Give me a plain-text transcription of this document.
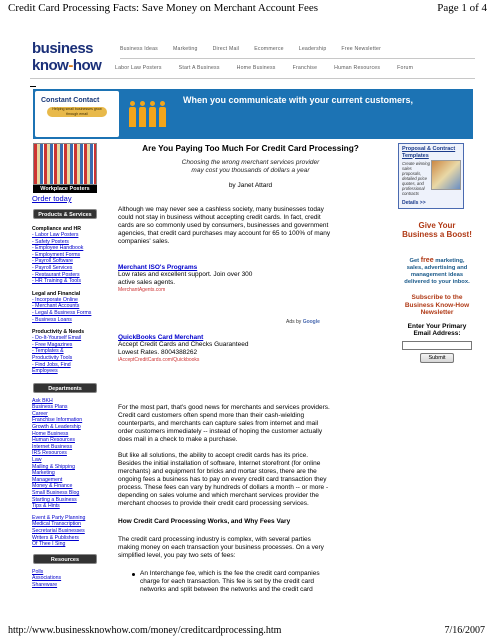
Credit Card Processing Facts: Save Money on Merchant Account Fees	Page 1 of 4
business
know-how
Business Ideas	Marketing	Direct Mail	Ecommerce	Leadership	Free Newsletter
Labor Law Posters	Start A Business	Home Business	Franchise	Human Resources	Forum
Constant Contact
Helping small businesses grow through email
When you communicate with your current customers,
Workplace Posters
Order today
Products & Services
Compliance and HR
- Labor Law Posters
- Safety Posters
- Employee Handbook
- Employment Forms
- Payroll Software
- Payroll Services
- Restaurant Posters
- HR Training & Tools
Legal and Financial
- Incorporate Online
- Merchant Accounts
- Legal & Business Forms
- Business Loans
Productivity & Needs
- Do-It-Yourself Email
- Free Magazines
- Templates &
Productivity Tools
- Find Jobs, Find
Employees
Departments
Ask BKH
Business Plans
Career
Franchise Information
Growth & Leadership
Home Business
Human Resources
Internet Business
IRS Resources
Law
Mailing & Shipping
Marketing
Management
Money & Finance
Small Business Blog
Starting a Business
Tips & Hints
Event & Party Planning
Medical Transcription
Secretarial Businesses
Writers & Publishers
Of Thee I Sing
Resources
Polls
Associations
Shareware
Are You Paying Too Much For Credit Card Processing?
Choosing the wrong merchant services provider
may cost you thousands of dollars a year
by Janet Attard
Although we may never see a cashless society, many businesses today
could not stay in business without accepting credit cards. In fact, credit
cards are so commonly used by consumers, businesses and government
agencies, that credit card purchases may account for 65 to 100% of many
companies' sales.
Merchant ISO's Programs
Low rates and excellent support. Join over 300
active sales agents.
MerchantAgents.com
QuickBooks Card Merchant
Accept Credit Cards and Checks Guaranteed
Lowest Rates. 8004388262
iAcceptCreditCards.com/Quickbooks
Ads by Google
For the most part, that's good news for merchants and services providers.
Credit card customers often spend more than their cash-wielding
counterparts, and merchants can capture sales from internet and mail
order customers immediately -- instead of hoping the customer actually
does mail in a check to make a purchase.
But like all solutions, the ability to accept credit cards has its price.
Besides the initial installation of software, Internet storefront (for online
merchants) and equipment for bricks and mortar stores, there are the
ongoing fees a business has to pay on every credit card transaction they
process. These fees can vary by hundreds of dollars a month -- or more -
depending on sales volume and which merchant services provider the
merchant chooses to provide their credit card processing services.
How Credit Card Processing Works, and Why Fees Vary
The credit card processing industry is complex, with several parties
making money on each transaction your business processes. On a very
simplified level, you pay two sets of fees:
An Interchange fee, which is the fee the credit card companies
charge for each transaction. This fee is set by the credit card
networks and split between the networks and the credit card
Proposal & Contract
Templates
Create winning sales proposals, detailed price quotes, and professional contracts
Details >>
Give Your
Business a Boost!
Get free marketing,
sales, advertising and
management ideas
delivered to your inbox.
Subscribe to the
Business Know-How
Newsletter
Enter Your Primary
Email Address:
Submit
http://www.businessknowhow.com/money/creditcardprocessing.htm	7/16/2007
